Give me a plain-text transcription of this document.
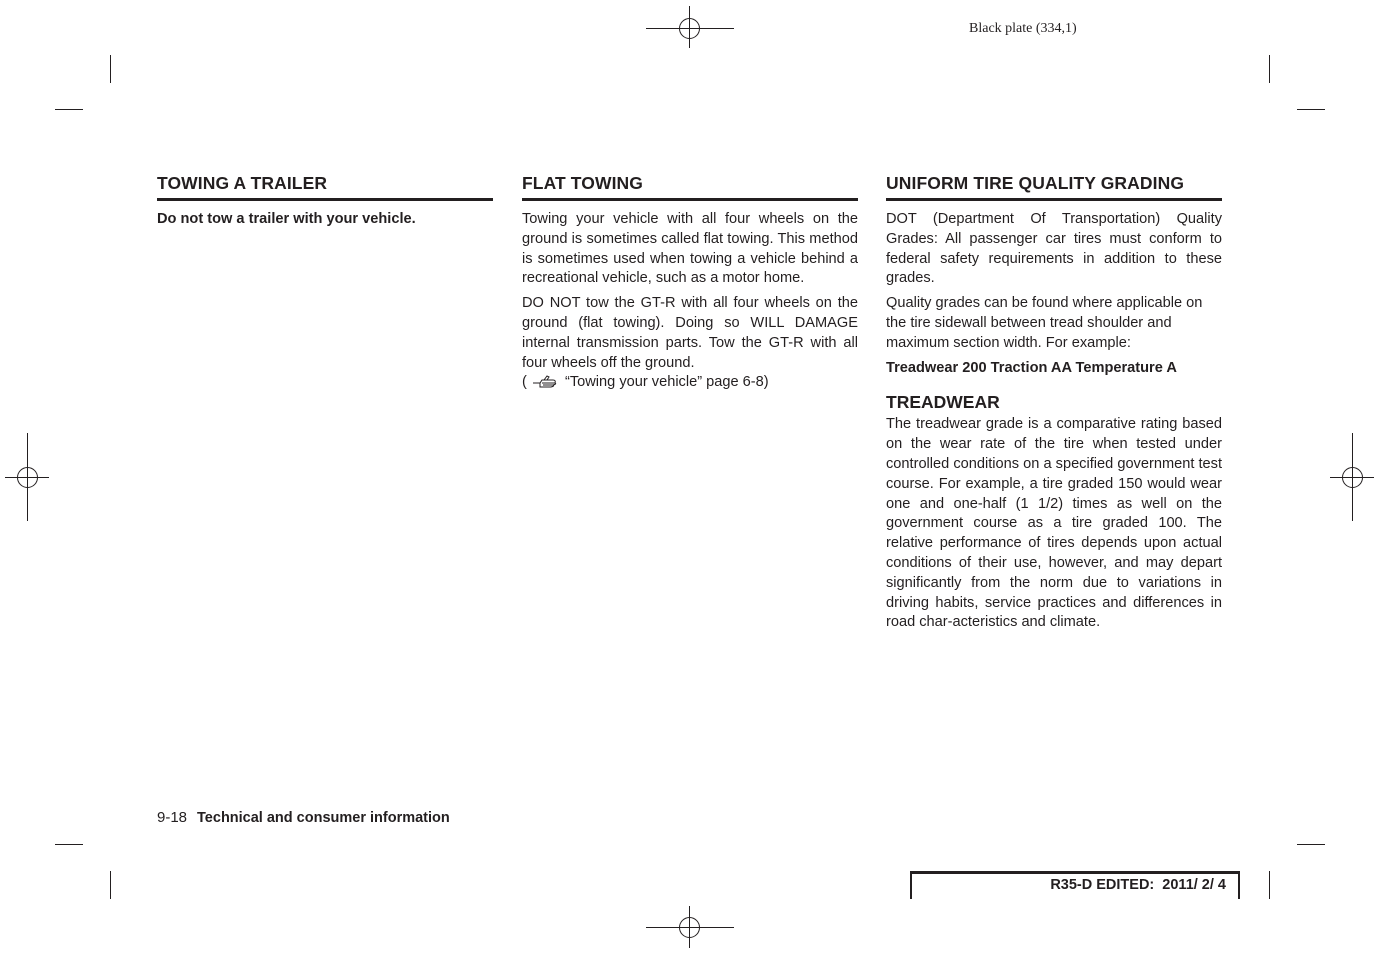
Black plate (334,1)
TOWING A TRAILER

Do not tow a trailer with your vehicle.

FLAT TOWING

Towing your vehicle with all four wheels on the ground is sometimes called flat towing. This method is sometimes used when towing a vehicle behind a recreational vehicle, such as a motor home.

DO NOT tow the GT-R with all four wheels on the ground (flat towing). Doing so WILL DAMAGE internal transmission parts. Tow the GT-R with all four wheels off the ground.

(	“Towing your vehicle” page 6-8)

UNIFORM TIRE QUALITY GRADING

DOT (Department Of Transportation) Quality Grades: All passenger car tires must conform to federal safety requirements in addition to these grades.

Quality grades can be found where applicable on the tire sidewall between tread shoulder and maximum section width. For example:

Treadwear 200 Traction AA Temperature A

TREADWEAR

The treadwear grade is a comparative rating based on the wear rate of the tire when tested under controlled conditions on a specified government test course. For example, a tire graded 150 would wear one and one-half (1 1/2) times as well on the government course as a tire graded 100. The relative performance of tires depends upon actual conditions of their use, however, and may depart significantly from the norm due to variations in driving habits, service practices and differences in road char-acteristics and climate.

9-18 Technical and consumer information
R35-D EDITED:  2011/ 2/ 4
